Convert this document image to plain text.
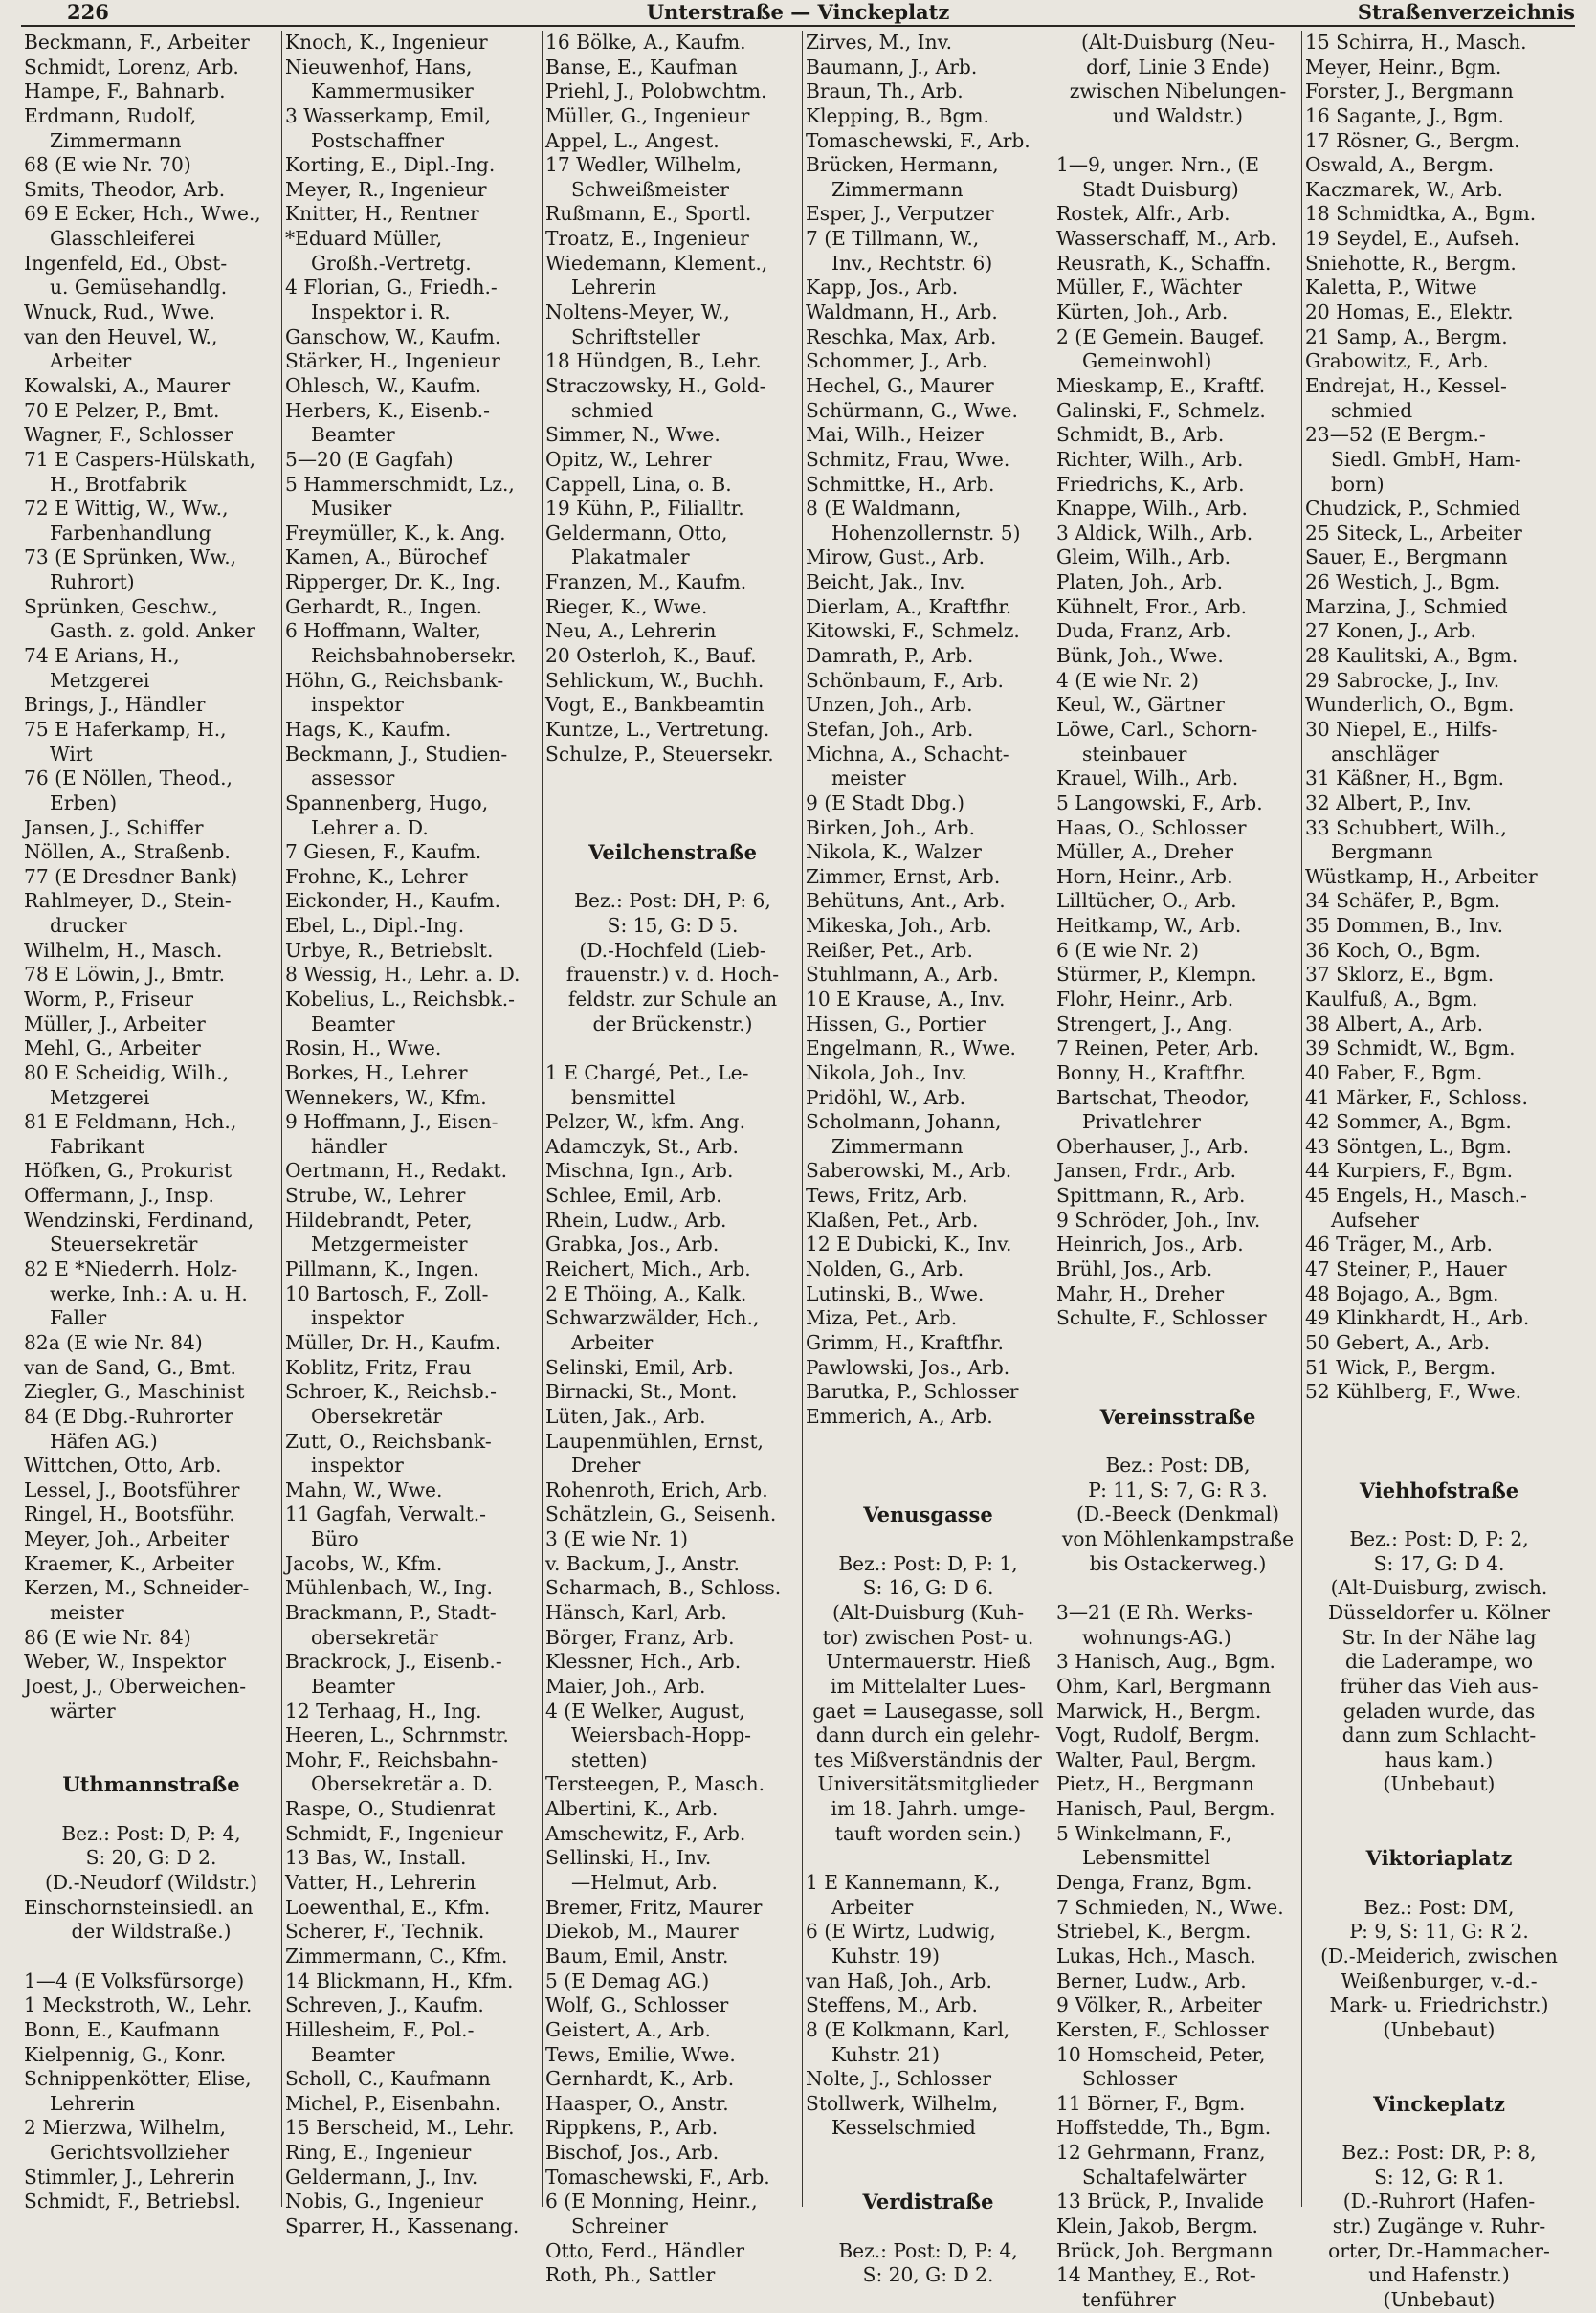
226	Unterstraße — Vinckeplatz	Straßenverzeichnis
Beckmann, F., Arbeiter
Schmidt, Lorenz, Arb.
Hampe, F., Bahnarb.
Erdmann, Rudolf,
Zimmermann
68 (E wie Nr. 70)
Smits, Theodor, Arb.
69 E Ecker, Hch., Wwe.,
Glasschleiferei
Ingenfeld, Ed., Obst-
u. Gemüsehandlg.
Wnuck, Rud., Wwe.
van den Heuvel, W.,
Arbeiter
Kowalski, A., Maurer
70 E Pelzer, P., Bmt.
Wagner, F., Schlosser
71 E Caspers-Hülskath,
H., Brotfabrik
72 E Wittig, W., Ww.,
Farbenhandlung
73 (E Sprünken, Ww.,
Ruhrort)
Sprünken, Geschw.,
Gasth. z. gold. Anker
74 E Arians, H.,
Metzgerei
Brings, J., Händler
75 E Haferkamp, H.,
Wirt
76 (E Nöllen, Theod.,
Erben)
Jansen, J., Schiffer
Nöllen, A., Straßenb.
77 (E Dresdner Bank)
Rahlmeyer, D., Stein-
drucker
Wilhelm, H., Masch.
78 E Löwin, J., Bmtr.
Worm, P., Friseur
Müller, J., Arbeiter
Mehl, G., Arbeiter
80 E Scheidig, Wilh.,
Metzgerei
81 E Feldmann, Hch.,
Fabrikant
Höfken, G., Prokurist
Offermann, J., Insp.
Wendzinski, Ferdinand,
Steuersekretär
82 E *Niederrh. Holz-
werke, Inh.: A. u. H.
Faller
82a (E wie Nr. 84)
van de Sand, G., Bmt.
Ziegler, G., Maschinist
84 (E Dbg.-Ruhrorter
Häfen AG.)
Wittchen, Otto, Arb.
Lessel, J., Bootsführer
Ringel, H., Bootsführ.
Meyer, Joh., Arbeiter
Kraemer, K., Arbeiter
Kerzen, M., Schneider-
meister
86 (E wie Nr. 84)
Weber, W., Inspektor
Joest, J., Oberweichen-
wärter

Uthmannstraße

Bez.: Post: D, P: 4,
S: 20, G: D 2.
(D.-Neudorf (Wildstr.)
Einschornsteinsiedl. an
der Wildstraße.)

1—4 (E Volksfürsorge)
1 Meckstroth, W., Lehr.
Bonn, E., Kaufmann
Kielpennig, G., Konr.
Schnippenkötter, Elise,
Lehrerin
2 Mierzwa, Wilhelm,
Gerichtsvollzieher
Stimmler, J., Lehrerin
Schmidt, F., Betriebsl.
Knoch, K., Ingenieur
Nieuwenhof, Hans,
Kammermusiker
3 Wasserkamp, Emil,
Postschaffner
Korting, E., Dipl.-Ing.
Meyer, R., Ingenieur
Knitter, H., Rentner
*Eduard Müller,
Großh.-Vertretg.
4 Florian, G., Friedh.-
Inspektor i. R.
Ganschow, W., Kaufm.
Stärker, H., Ingenieur
Ohlesch, W., Kaufm.
Herbers, K., Eisenb.-
Beamter
5—20 (E Gagfah)
5 Hammerschmidt, Lz.,
Musiker
Freymüller, K., k. Ang.
Kamen, A., Bürochef
Ripperger, Dr. K., Ing.
Gerhardt, R., Ingen.
6 Hoffmann, Walter,
Reichsbahnobersekr.
Höhn, G., Reichsbank-
inspektor
Hags, K., Kaufm.
Beckmann, J., Studien-
assessor
Spannenberg, Hugo,
Lehrer a. D.
7 Giesen, F., Kaufm.
Frohne, K., Lehrer
Eickonder, H., Kaufm.
Ebel, L., Dipl.-Ing.
Urbye, R., Betriebslt.
8 Wessig, H., Lehr. a. D.
Kobelius, L., Reichsbk.-
Beamter
Rosin, H., Wwe.
Borkes, H., Lehrer
Wennekers, W., Kfm.
9 Hoffmann, J., Eisen-
händler
Oertmann, H., Redakt.
Strube, W., Lehrer
Hildebrandt, Peter,
Metzgermeister
Pillmann, K., Ingen.
10 Bartosch, F., Zoll-
inspektor
Müller, Dr. H., Kaufm.
Koblitz, Fritz, Frau
Schroer, K., Reichsb.-
Obersekretär
Zutt, O., Reichsbank-
inspektor
Mahn, W., Wwe.
11 Gagfah, Verwalt.-
Büro
Jacobs, W., Kfm.
Mühlenbach, W., Ing.
Brackmann, P., Stadt-
obersekretär
Brackrock, J., Eisenb.-
Beamter
12 Terhaag, H., Ing.
Heeren, L., Schrnmstr.
Mohr, F., Reichsbahn-
Obersekretär a. D.
Raspe, O., Studienrat
Schmidt, F., Ingenieur
13 Bas, W., Install.
Vatter, H., Lehrerin
Loewenthal, E., Kfm.
Scherer, F., Technik.
Zimmermann, C., Kfm.
14 Blickmann, H., Kfm.
Schreven, J., Kaufm.
Hillesheim, F., Pol.-
Beamter
Scholl, C., Kaufmann
Michel, P., Eisenbahn.
15 Berscheid, M., Lehr.
Ring, E., Ingenieur
Geldermann, J., Inv.
Nobis, G., Ingenieur
Sparrer, H., Kassenang.
16 Bölke, A., Kaufm.
Banse, E., Kaufman
Priehl, J., Polobwchtm.
Müller, G., Ingenieur
Appel, L., Angest.
17 Wedler, Wilhelm,
Schweißmeister
Rußmann, E., Sportl.
Troatz, E., Ingenieur
Wiedemann, Klement.,
Lehrerin
Noltens-Meyer, W.,
Schriftsteller
18 Hündgen, B., Lehr.
Straczowsky, H., Gold-
schmied
Simmer, N., Wwe.
Opitz, W., Lehrer
Cappell, Lina, o. B.
19 Kühn, P., Filialltr.
Geldermann, Otto,
Plakatmaler
Franzen, M., Kaufm.
Rieger, K., Wwe.
Neu, A., Lehrerin
20 Osterloh, K., Bauf.
Sehlickum, W., Buchh.
Vogt, E., Bankbeamtin
Kuntze, L., Vertretung.
Schulze, P., Steuersekr.

Veilchenstraße

Bez.: Post: DH, P: 6,
S: 15, G: D 5.
(D.-Hochfeld (Lieb-
frauenstr.) v. d. Hoch-
feldstr. zur Schule an
der Brückenstr.)

1 E Chargé, Pet., Le-
bensmittel
Pelzer, W., kfm. Ang.
Adamczyk, St., Arb.
Mischna, Ign., Arb.
Schlee, Emil, Arb.
Rhein, Ludw., Arb.
Grabka, Jos., Arb.
Reichert, Mich., Arb.
2 E Thöing, A., Kalk.
Schwarzwälder, Hch.,
Arbeiter
Selinski, Emil, Arb.
Birnacki, St., Mont.
Lüten, Jak., Arb.
Laupenmühlen, Ernst,
Dreher
Rohenroth, Erich, Arb.
Schätzlein, G., Seisenh.
3 (E wie Nr. 1)
v. Backum, J., Anstr.
Scharmach, B., Schloss.
Hänsch, Karl, Arb.
Börger, Franz, Arb.
Klessner, Hch., Arb.
Maier, Joh., Arb.
4 (E Welker, August,
Weiersbach-Hopp-
stetten)
Tersteegen, P., Masch.
Albertini, K., Arb.
Amschewitz, F., Arb.
Sellinski, H., Inv.
—Helmut, Arb.
Bremer, Fritz, Maurer
Diekob, M., Maurer
Baum, Emil, Anstr.
5 (E Demag AG.)
Wolf, G., Schlosser
Geistert, A., Arb.
Tews, Emilie, Wwe.
Gernhardt, K., Arb.
Haasper, O., Anstr.
Rippkens, P., Arb.
Bischof, Jos., Arb.
Tomaschewski, F., Arb.
6 (E Monning, Heinr.,
Schreiner
Otto, Ferd., Händler
Roth, Ph., Sattler
Zirves, M., Inv.
Baumann, J., Arb.
Braun, Th., Arb.
Klepping, B., Bgm.
Tomaschewski, F., Arb.
Brücken, Hermann,
Zimmermann
Esper, J., Verputzer
7 (E Tillmann, W.,
Inv., Rechtstr. 6)
Kapp, Jos., Arb.
Waldmann, H., Arb.
Reschka, Max, Arb.
Schommer, J., Arb.
Hechel, G., Maurer
Schürmann, G., Wwe.
Mai, Wilh., Heizer
Schmitz, Frau, Wwe.
Schmittke, H., Arb.
8 (E Waldmann,
Hohenzollernstr. 5)
Mirow, Gust., Arb.
Beicht, Jak., Inv.
Dierlam, A., Kraftfhr.
Kitowski, F., Schmelz.
Damrath, P., Arb.
Schönbaum, F., Arb.
Unzen, Joh., Arb.
Stefan, Joh., Arb.
Michna, A., Schacht-
meister
9 (E Stadt Dbg.)
Birken, Joh., Arb.
Nikola, K., Walzer
Zimmer, Ernst, Arb.
Behütuns, Ant., Arb.
Mikeska, Joh., Arb.
Reißer, Pet., Arb.
Stuhlmann, A., Arb.
10 E Krause, A., Inv.
Hissen, G., Portier
Engelmann, R., Wwe.
Nikola, Joh., Inv.
Pridöhl, W., Arb.
Scholmann, Johann,
Zimmermann
Saberowski, M., Arb.
Tews, Fritz, Arb.
Klaßen, Pet., Arb.
12 E Dubicki, K., Inv.
Nolden, G., Arb.
Lutinski, B., Wwe.
Miza, Pet., Arb.
Grimm, H., Kraftfhr.
Pawlowski, Jos., Arb.
Barutka, P., Schlosser
Emmerich, A., Arb.

Venusgasse

Bez.: Post: D, P: 1,
S: 16, G: D 6.
(Alt-Duisburg (Kuh-
tor) zwischen Post- u.
Untermauerstr. Hieß
im Mittelalter Lues-
gaet = Lausegasse, soll
dann durch ein gelehr-
tes Mißverständnis der
Universitätsmitglieder
im 18. Jahrh. umge-
tauft worden sein.)

1 E Kannemann, K.,
Arbeiter
6 (E Wirtz, Ludwig,
Kuhstr. 19)
van Haß, Joh., Arb.
Steffens, M., Arb.
8 (E Kolkmann, Karl,
Kuhstr. 21)
Nolte, J., Schlosser
Stollwerk, Wilhelm,
Kesselschmied

Verdistraße

Bez.: Post: D, P: 4,
S: 20, G: D 2.
(Alt-Duisburg (Neu-
dorf, Linie 3 Ende)
zwischen Nibelungen-
und Waldstr.)

1—9, unger. Nrn., (E
Stadt Duisburg)
Rostek, Alfr., Arb.
Wasserschaff, M., Arb.
Reusrath, K., Schaffn.
Müller, F., Wächter
Kürten, Joh., Arb.
2 (E Gemein. Baugef.
Gemeinwohl)
Mieskamp, E., Kraftf.
Galinski, F., Schmelz.
Schmidt, B., Arb.
Richter, Wilh., Arb.
Friedrichs, K., Arb.
Knappe, Wilh., Arb.
3 Aldick, Wilh., Arb.
Gleim, Wilh., Arb.
Platen, Joh., Arb.
Kühnelt, Fror., Arb.
Duda, Franz, Arb.
Bünk, Joh., Wwe.
4 (E wie Nr. 2)
Keul, W., Gärtner
Löwe, Carl., Schorn-
steinbauer
Krauel, Wilh., Arb.
5 Langowski, F., Arb.
Haas, O., Schlosser
Müller, A., Dreher
Horn, Heinr., Arb.
Lilltücher, O., Arb.
Heitkamp, W., Arb.
6 (E wie Nr. 2)
Stürmer, P., Klempn.
Flohr, Heinr., Arb.
Strengert, J., Ang.
7 Reinen, Peter, Arb.
Bonny, H., Kraftfhr.
Bartschat, Theodor,
Privatlehrer
Oberhauser, J., Arb.
Jansen, Frdr., Arb.
Spittmann, R., Arb.
9 Schröder, Joh., Inv.
Heinrich, Jos., Arb.
Brühl, Jos., Arb.
Mahr, H., Dreher
Schulte, F., Schlosser

Vereinsstraße

Bez.: Post: DB,
P: 11, S: 7, G: R 3.
(D.-Beeck (Denkmal)
von Möhlenkampstraße
bis Ostackerweg.)

3—21 (E Rh. Werks-
wohnungs-AG.)
3 Hanisch, Aug., Bgm.
Ohm, Karl, Bergmann
Marwick, H., Bergm.
Vogt, Rudolf, Bergm.
Walter, Paul, Bergm.
Pietz, H., Bergmann
Hanisch, Paul, Bergm.
5 Winkelmann, F.,
Lebensmittel
Denga, Franz, Bgm.
7 Schmieden, N., Wwe.
Striebel, K., Bergm.
Lukas, Hch., Masch.
Berner, Ludw., Arb.
9 Völker, R., Arbeiter
Kersten, F., Schlosser
10 Homscheid, Peter,
Schlosser
11 Börner, F., Bgm.
Hoffstedde, Th., Bgm.
12 Gehrmann, Franz,
Schaltafelwärter
13 Brück, P., Invalide
Klein, Jakob, Bergm.
Brück, Joh. Bergmann
14 Manthey, E., Rot-
tenführer
15 Schirra, H., Masch.
Meyer, Heinr., Bgm.
Forster, J., Bergmann
16 Sagante, J., Bgm.
17 Rösner, G., Bergm.
Oswald, A., Bergm.
Kaczmarek, W., Arb.
18 Schmidtka, A., Bgm.
19 Seydel, E., Aufseh.
Sniehotte, R., Bergm.
Kaletta, P., Witwe
20 Homas, E., Elektr.
21 Samp, A., Bergm.
Grabowitz, F., Arb.
Endrejat, H., Kessel-
schmied
23—52 (E Bergm.-
Siedl. GmbH, Ham-
born)
Chudzick, P., Schmied
25 Siteck, L., Arbeiter
Sauer, E., Bergmann
26 Westich, J., Bgm.
Marzina, J., Schmied
27 Konen, J., Arb.
28 Kaulitski, A., Bgm.
29 Sabrocke, J., Inv.
Wunderlich, O., Bgm.
30 Niepel, E., Hilfs-
anschläger
31 Käßner, H., Bgm.
32 Albert, P., Inv.
33 Schubbert, Wilh.,
Bergmann
Wüstkamp, H., Arbeiter
34 Schäfer, P., Bgm.
35 Dommen, B., Inv.
36 Koch, O., Bgm.
37 Sklorz, E., Bgm.
Kaulfuß, A., Bgm.
38 Albert, A., Arb.
39 Schmidt, W., Bgm.
40 Faber, F., Bgm.
41 Märker, F., Schloss.
42 Sommer, A., Bgm.
43 Söntgen, L., Bgm.
44 Kurpiers, F., Bgm.
45 Engels, H., Masch.-
Aufseher
46 Träger, M., Arb.
47 Steiner, P., Hauer
48 Bojago, A., Bgm.
49 Klinkhardt, H., Arb.
50 Gebert, A., Arb.
51 Wick, P., Bergm.
52 Kühlberg, F., Wwe.

Viehhofstraße

Bez.: Post: D, P: 2,
S: 17, G: D 4.
(Alt-Duisburg, zwisch.
Düsseldorfer u. Kölner
Str. In der Nähe lag
die Laderampe, wo
früher das Vieh aus-
geladen wurde, das
dann zum Schlacht-
haus kam.)
(Unbebaut)

Viktoriaplatz

Bez.: Post: DM,
P: 9, S: 11, G: R 2.
(D.-Meiderich, zwischen
Weißenburger, v.-d.-
Mark- u. Friedrichstr.)
(Unbebaut)

Vinckeplatz

Bez.: Post: DR, P: 8,
S: 12, G: R 1.
(D.-Ruhrort (Hafen-
str.) Zugänge v. Ruhr-
orter, Dr.-Hammacher-
und Hafenstr.)
(Unbebaut)
